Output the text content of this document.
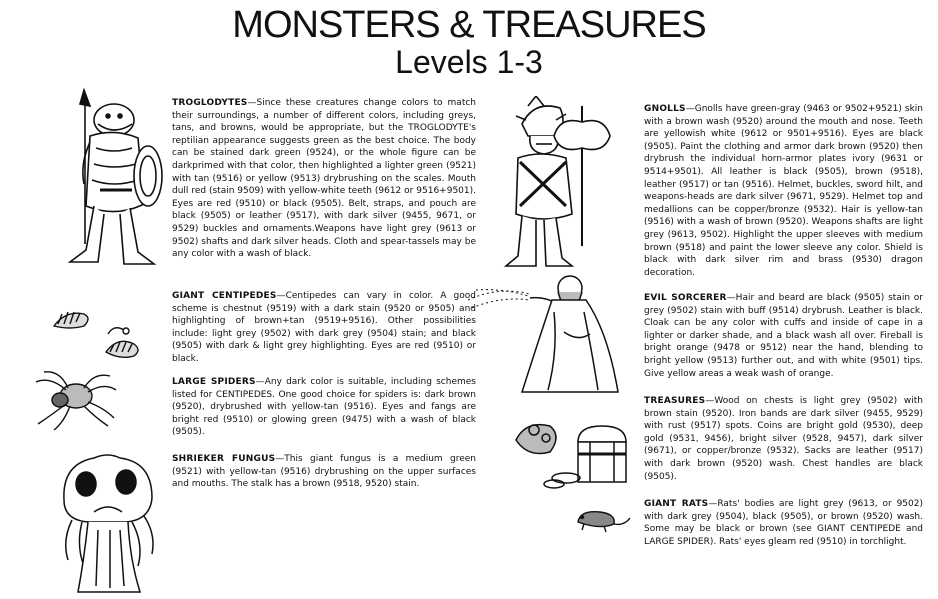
MONSTERS & TREASURES
Levels 1-3

TROGLODYTES—Since these creatures change colors to match their surroundings, a number of different colors, including greys, tans, and browns, would be appropriate, but the TROGLODYTE's reptilian appearance suggests green as the best choice. The body can be stained dark green (9524), or the whole figure can be darkprimed with that color, then highlighted a lighter green (9521) with tan (9516) or yellow (9513) drybrushing on the scales. Mouth dull red (stain 9509) with yellow-white teeth (9612 or 9516+9501). Eyes are red (9510) or black (9505). Belt, straps, and pouch are black (9505) or leather (9517), with dark silver (9455, 9671, or 9529) buckles and ornaments.Weapons have light grey (9613 or 9502) shafts and dark silver heads. Cloth and spear-tassels may be any color with a wash of black.

GIANT CENTIPEDES—Centipedes can vary in color. A good scheme is chestnut (9519) with a dark stain (9520 or 9505) and highlighting of brown+tan (9519+9516). Other possibilities include: light grey (9502) with dark grey (9504) stain; and black (9505) with dark & light grey highlighting. Eyes are red (9510) or black.

LARGE SPIDERS—Any dark color is suitable, including schemes listed for CENTIPEDES. One good choice for spiders is: dark brown (9520), drybrushed with yellow-tan (9516). Eyes and fangs are bright red (9510) or glowing green (9475) with a wash of black (9505).

SHRIEKER FUNGUS—This giant fungus is a medium green (9521) with yellow-tan (9516) drybrushing on the upper surfaces and mouths. The stalk has a brown (9518, 9520) stain.

GNOLLS—Gnolls have green-gray (9463 or 9502+9521) skin with a brown wash (9520) around the mouth and nose. Teeth are yellowish white (9612 or 9501+9516). Eyes are black (9505). Paint the clothing and armor dark brown (9520) then drybrush the individual horn-armor plates ivory (9631 or 9514+9501). All leather is black (9505), brown (9518), leather (9517) or tan (9516). Helmet, buckles, sword hilt, and weapons-heads are dark silver (9671, 9529). Helmet top and medallions can be copper/bronze (9532). Hair is yellow-tan (9516) with a wash of brown (9520). Weapons shafts are light grey (9613, 9502). Highlight the upper sleeves with medium brown (9518) and paint the lower sleeve any color. Shield is black with dark silver rim and brass (9530) dragon decoration.

EVIL SORCERER—Hair and beard are black (9505) stain or grey (9502) stain with buff (9514) drybrush. Leather is black. Cloak can be any color with cuffs and inside of cape in a lighter or darker shade, and a black wash all over. Fireball is bright orange (9478 or 9512) near the hand, blending to bright yellow (9513) further out, and with white (9501) tips. Give yellow areas a weak wash of orange.

TREASURES—Wood on chests is light grey (9502) with brown stain (9520). Iron bands are dark silver (9455, 9529) with rust (9517) spots. Coins are bright gold (9530), deep gold (9531, 9456), bright silver (9528, 9457), dark silver (9671), or copper/bronze (9532). Sacks are leather (9517) with dark brown (9520) wash. Chest handles are black (9505).

GIANT RATS—Rats' bodies are light grey (9613, or 9502) with dark grey (9504), black (9505), or brown (9520) wash. Some may be black or brown (see GIANT CENTIPEDE and LARGE SPIDER). Rats' eyes gleam red (9510) in torchlight.
